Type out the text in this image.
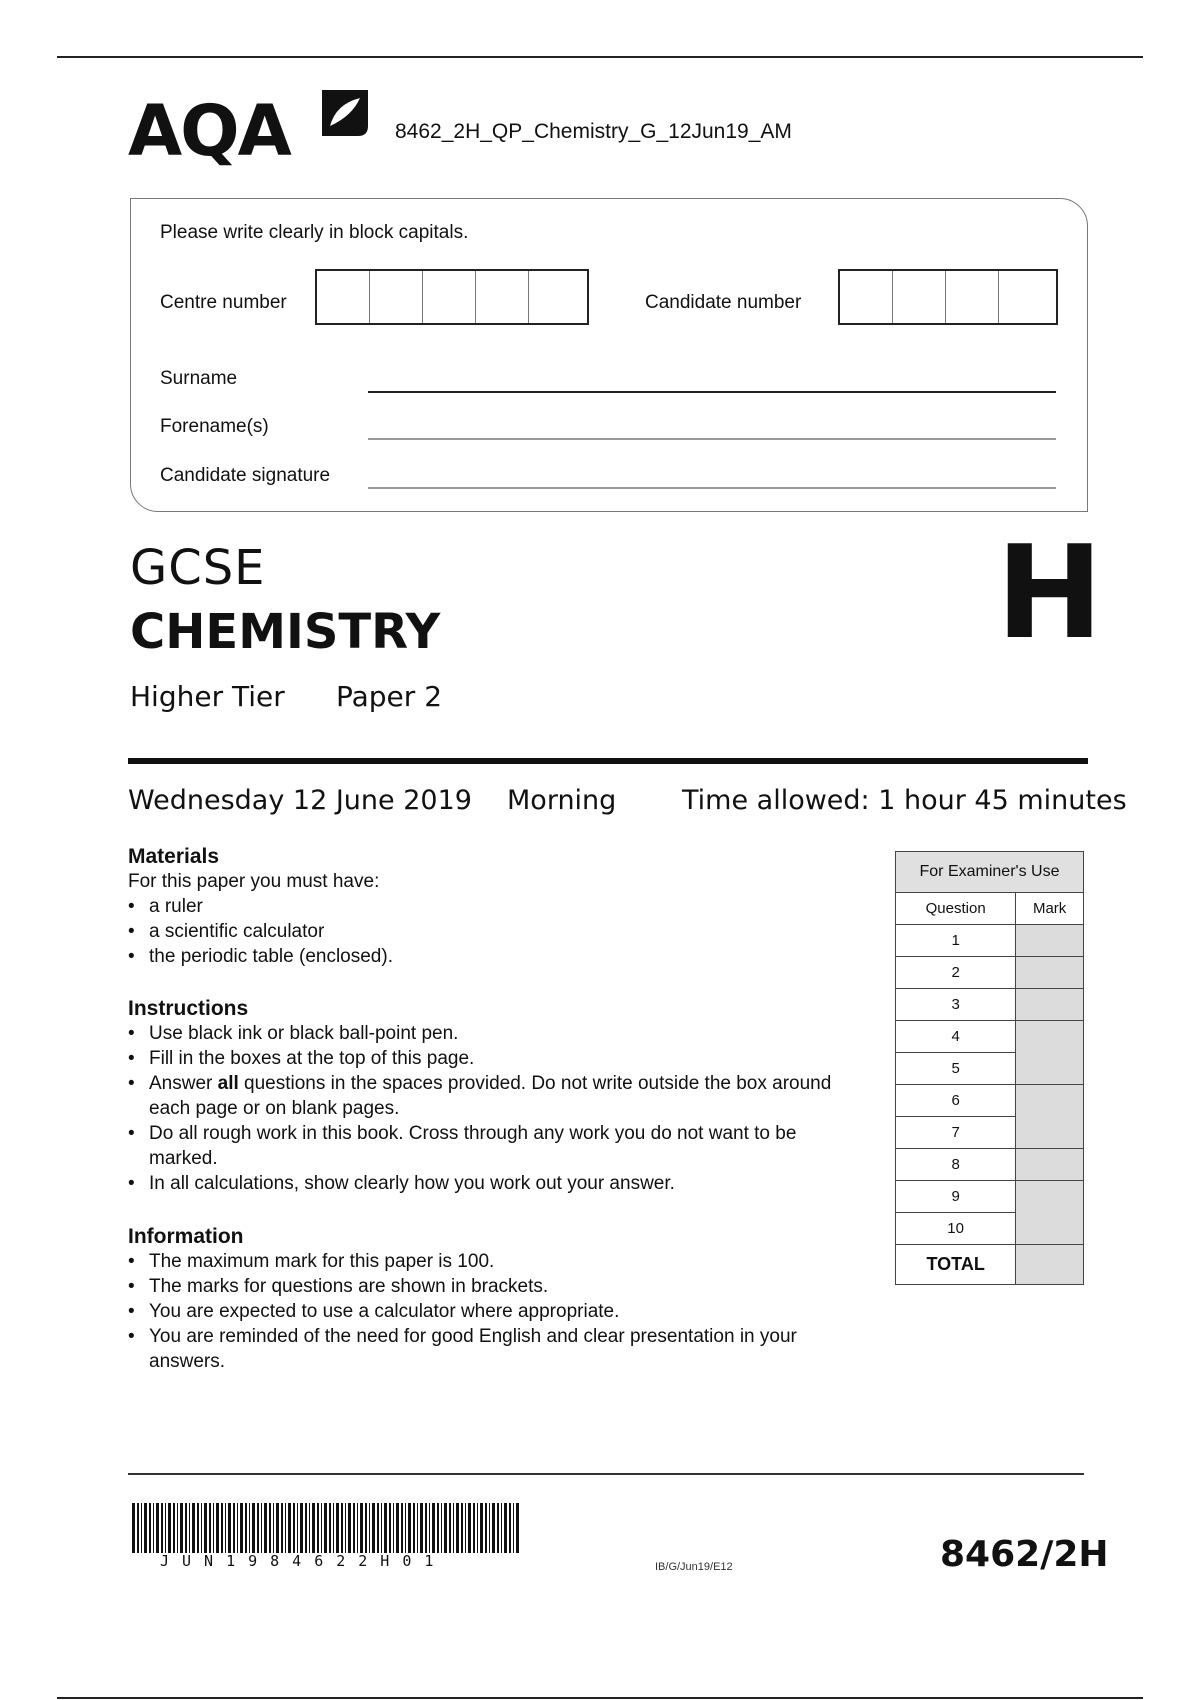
AQA	8462_2H_QP_Chemistry_G_12Jun19_AM
Please write clearly in block capitals.
Centre number	Candidate number
Surname
Forename(s)
Candidate signature
GCSE
CHEMISTRY
Higher Tier Paper 2
H
Wednesday 12 June 2019 Morning Time allowed: 1 hour 45 minutes
Materials
For this paper you must have:
• a ruler
• a scientific calculator
• the periodic table (enclosed).
Instructions
• Use black ink or black ball-point pen.
• Fill in the boxes at the top of this page.
• Answer all questions in the spaces provided. Do not write outside the box around each page or on blank pages.
• Do all rough work in this book. Cross through any work you do not want to be marked.
• In all calculations, show clearly how you work out your answer.
Information
• The maximum mark for this paper is 100.
• The marks for questions are shown in brackets.
• You are expected to use a calculator where appropriate.
• You are reminded of the need for good English and clear presentation in your answers.
For Examiner's Use	
Question	Mark
1	
2	
3	
4	
5	
6	
7	
8	
9	
10	
TOTAL	
JUN1984622H01	IB/G/Jun19/E12	8462/2H
